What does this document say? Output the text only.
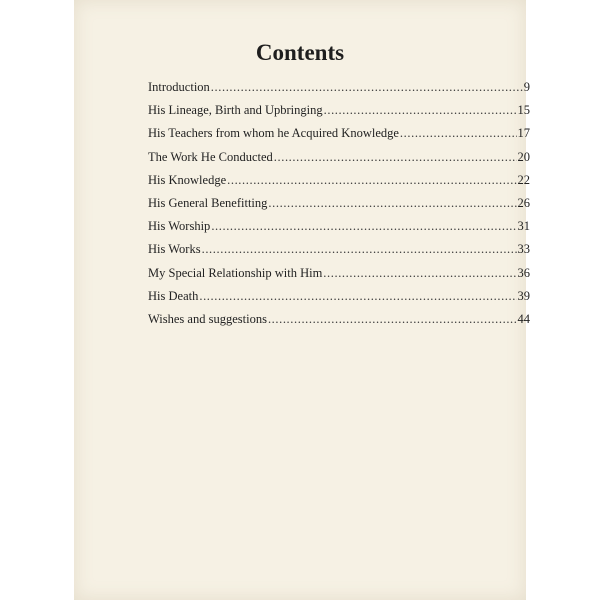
Contents
Introduction .....	9
His Lineage, Birth and Upbringing .....	15
His Teachers from whom he Acquired Knowledge .....	17
The Work He Conducted .....	20
His Knowledge .....	22
His General Benefitting .....	26
His Worship .....	31
His Works .....	33
My Special Relationship with Him .....	36
His Death .....	39
Wishes and suggestions .....	44
